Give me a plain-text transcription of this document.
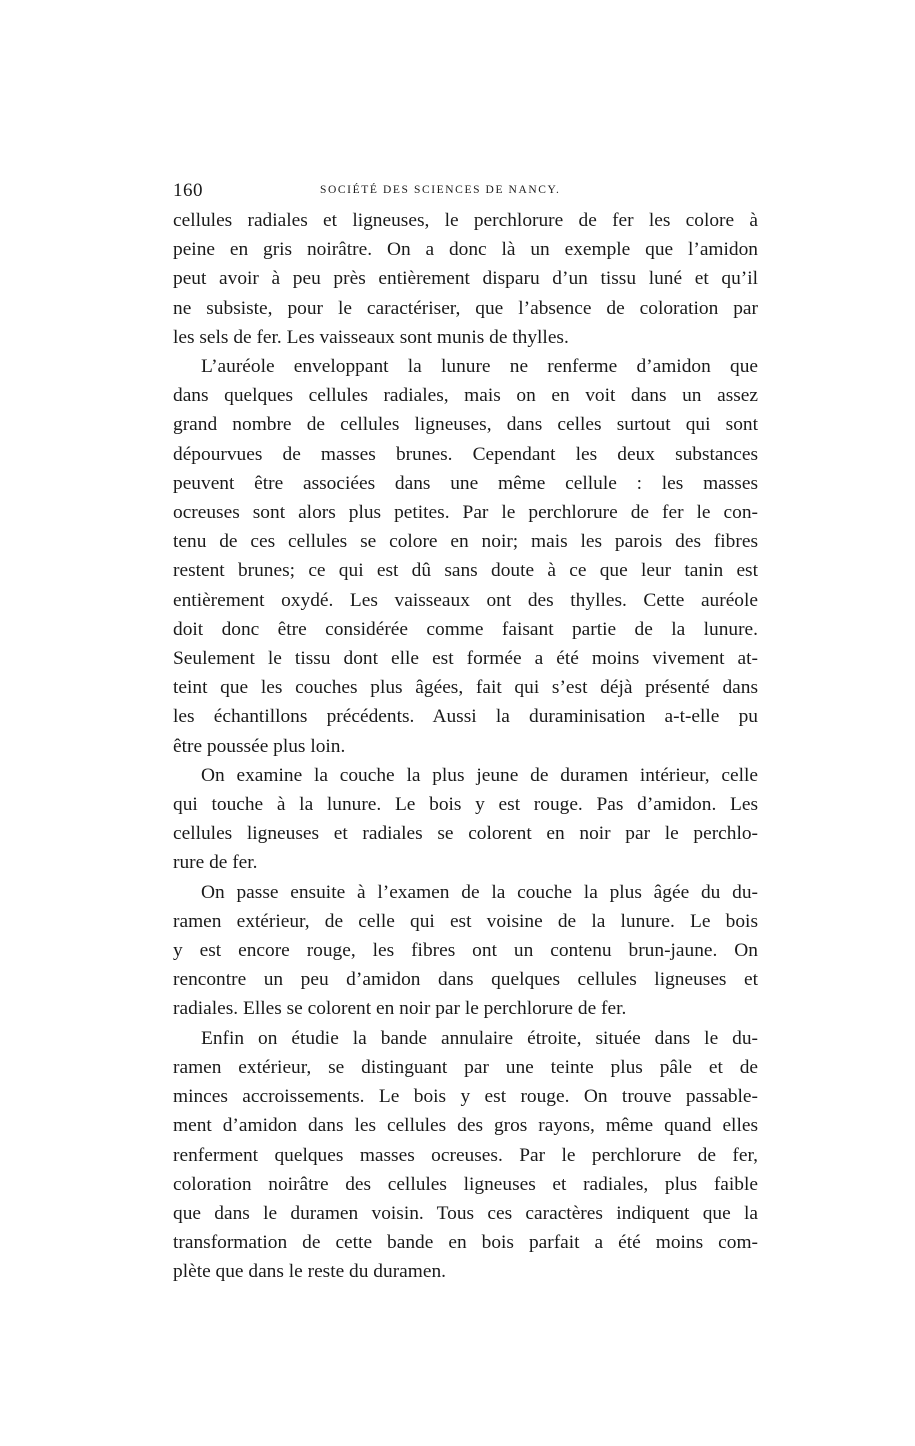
160	SOCIÉTÉ DES SCIENCES DE NANCY.
cellules radiales et ligneuses, le perchlorure de fer les colore à
peine en gris noirâtre. On a donc là un exemple que l’amidon
peut avoir à peu près entièrement disparu d’un tissu luné et qu’il
ne subsiste, pour le caractériser, que l’absence de coloration par
les sels de fer. Les vaisseaux sont munis de thylles.
L’auréole enveloppant la lunure ne renferme d’amidon que
dans quelques cellules radiales, mais on en voit dans un assez
grand nombre de cellules ligneuses, dans celles surtout qui sont
dépourvues de masses brunes. Cependant les deux substances
peuvent être associées dans une même cellule : les masses
ocreuses sont alors plus petites. Par le perchlorure de fer le con-
tenu de ces cellules se colore en noir; mais les parois des fibres
restent brunes; ce qui est dû sans doute à ce que leur tanin est
entièrement oxydé. Les vaisseaux ont des thylles. Cette auréole
doit donc être considérée comme faisant partie de la lunure.
Seulement le tissu dont elle est formée a été moins vivement at-
teint que les couches plus âgées, fait qui s’est déjà présenté dans
les échantillons précédents. Aussi la duraminisation a-t-elle pu
être poussée plus loin.
On examine la couche la plus jeune de duramen intérieur, celle
qui touche à la lunure. Le bois y est rouge. Pas d’amidon. Les
cellules ligneuses et radiales se colorent en noir par le perchlo-
rure de fer.
On passe ensuite à l’examen de la couche la plus âgée du du-
ramen extérieur, de celle qui est voisine de la lunure. Le bois
y est encore rouge, les fibres ont un contenu brun-jaune. On
rencontre un peu d’amidon dans quelques cellules ligneuses et
radiales. Elles se colorent en noir par le perchlorure de fer.
Enfin on étudie la bande annulaire étroite, située dans le du-
ramen extérieur, se distinguant par une teinte plus pâle et de
minces accroissements. Le bois y est rouge. On trouve passable-
ment d’amidon dans les cellules des gros rayons, même quand elles
renferment quelques masses ocreuses. Par le perchlorure de fer,
coloration noirâtre des cellules ligneuses et radiales, plus faible
que dans le duramen voisin. Tous ces caractères indiquent que la
transformation de cette bande en bois parfait a été moins com-
plète que dans le reste du duramen.
